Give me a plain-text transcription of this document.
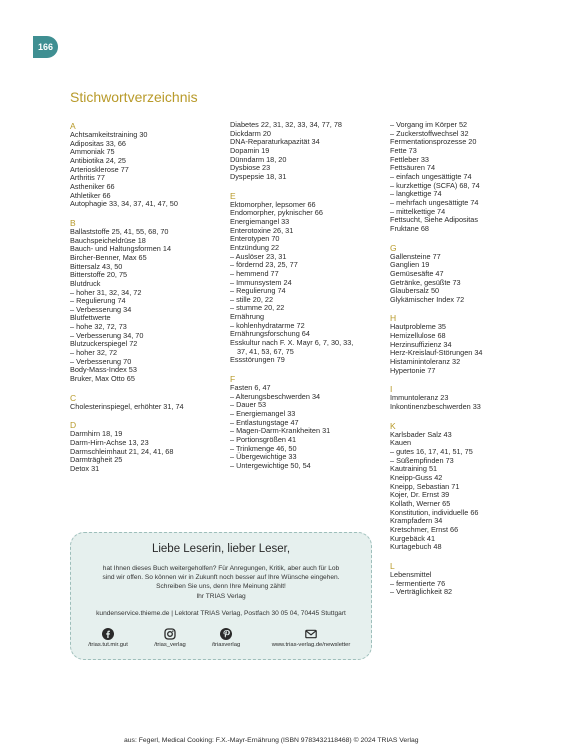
166
Stichwortverzeichnis
A
Achtsamkeitstraining 30
Adipositas 33, 66
Ammoniak 75
Antibiotika 24, 25
Arteriosklerose 77
Arthritis 77
Astheniker 66
Athletiker 66
Autophagie 33, 34, 37, 41, 47, 50
B
Ballaststoffe 25, 41, 55, 68, 70
Bauchspeicheldrüse 18
Bauch- und Haltungsformen 14
Bircher-Benner, Max 65
Bittersalz 43, 50
Bitterstoffe 20, 75
Blutdruck
– hoher 31, 32, 34, 72
– Regulierung 74
– Verbesserung 34
Blutfettwerte
– hohe 32, 72, 73
– Verbesserung 34, 70
Blutzuckerspiegel 72
– hoher 32, 72
– Verbesserung 70
Body-Mass-Index 53
Bruker, Max Otto 65
C
Cholesterinspiegel, erhöhter 31, 74
D
Darmhirn 18, 19
Darm-Hirn-Achse 13, 23
Darmschleimhaut 21, 24, 41, 68
Darmträgheit 25
Detox 31
Diabetes 22, 31, 32, 33, 34, 77, 78
Dickdarm 20
DNA-Reparaturkapazität 34
Dopamin 19
Dünndarm 18, 20
Dysbiose 23
Dyspepsie 18, 31
E
Ektomorpher, lepsomer 66
Endomorpher, pyknischer 66
Energiemangel 33
Enterotoxine 26, 31
Enterotypen 70
Entzündung 22
– Auslöser 23, 31
– fördernd 23, 25, 77
– hemmend 77
– Immunsystem 24
– Regulierung 74
– stille 20, 22
– stumme 20, 22
Ernährung
– kohlenhydratarme 72
Ernährungsforschung 64
Esskultur nach F. X. Mayr 6, 7, 30, 33,
37, 41, 53, 67, 75
Essstörungen 79
F
Fasten 6, 47
– Alterungsbeschwerden 34
– Dauer 53
– Energiemangel 33
– Entlastungstage 47
– Magen-Darm-Krankheiten 31
– Portionsgrößen 41
– Trinkmenge 46, 50
– Übergewichtige 33
– Untergewichtige 50, 54
– Vorgang im Körper 52
– Zuckerstoffwechsel 32
Fermentationsprozesse 20
Fette 73
Fettleber 33
Fettsäuren 74
– einfach ungesättigte 74
– kurzkettige (SCFA) 68, 74
– langkettige 74
– mehrfach ungesättigte 74
– mittelkettige 74
Fettsucht, Siehe Adipositas
Fruktane 68
G
Gallensteine 77
Ganglien 19
Gemüsesäfte 47
Getränke, gesüßte 73
Glaubersalz 50
Glykämischer Index 72
H
Hautprobleme 35
Hemizellulose 68
Herzinsuffizienz 34
Herz-Kreislauf-Störungen 34
Histaminintoleranz 32
Hypertonie 77
I
Immuntoleranz 23
Inkontinenzbeschwerden 33
K
Karlsbader Salz 43
Kauen
– gutes 16, 17, 41, 51, 75
– Süßempfinden 73
Kautraining 51
Kneipp-Guss 42
Kneipp, Sebastian 71
Kojer, Dr. Ernst 39
Kollath, Werner 65
Konstitution, individuelle 66
Krampfadern 34
Kretschmer, Ernst 66
Kurgebäck 41
Kurtagebuch 48
L
Lebensmittel
– fermentierte 76
– Verträglichkeit 82
Liebe Leserin, lieber Leser,
hat Ihnen dieses Buch weitergeholfen? Für Anregungen, Kritik, aber auch für Lob
sind wir offen. So können wir in Zukunft noch besser auf Ihre Wünsche eingehen.
Schreiben Sie uns, denn Ihre Meinung zählt!
Ihr TRIAS Verlag
kundenservice.thieme.de | Lektorat TRIAS Verlag, Postfach 30 05 04, 70445 Stuttgart
/trias.tut.mir.gut	/trias_verlag	/triasverlag	www.trias-verlag.de/newsletter
aus: Fegerl, Medical Cooking: F.X.-Mayr-Ernährung (ISBN 9783432118468) © 2024 TRIAS Verlag
